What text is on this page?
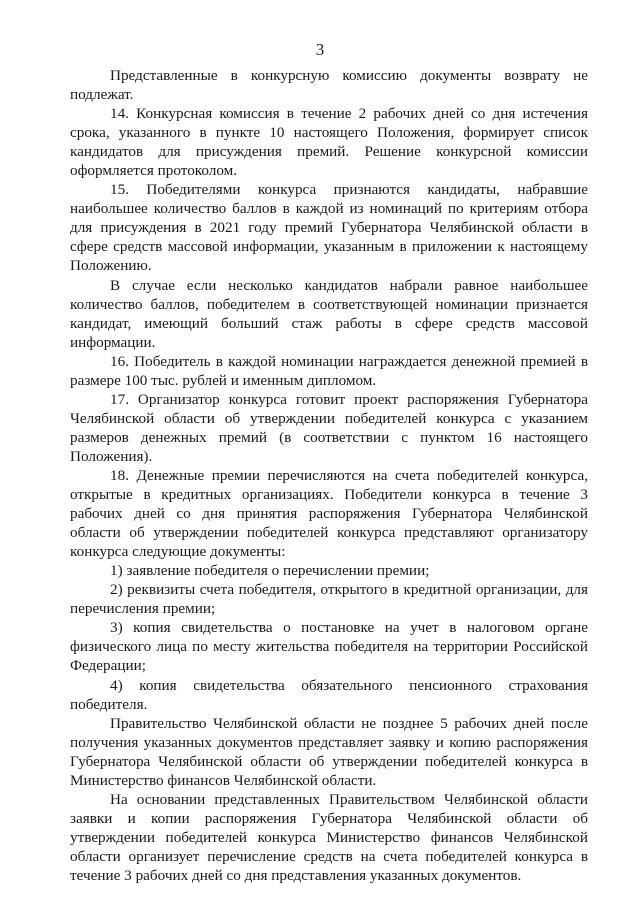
3

Представленные в конкурсную комиссию документы возврату не подлежат.

14. Конкурсная комиссия в течение 2 рабочих дней со дня истечения срока, указанного в пункте 10 настоящего Положения, формирует список кандидатов для присуждения премий. Решение конкурсной комиссии оформляется протоколом.

15. Победителями конкурса признаются кандидаты, набравшие наибольшее количество баллов в каждой из номинаций по критериям отбора для присуждения в 2021 году премий Губернатора Челябинской области в сфере средств массовой информации, указанным в приложении к настоящему Положению.

В случае если несколько кандидатов набрали равное наибольшее количество баллов, победителем в соответствующей номинации признается кандидат, имеющий больший стаж работы в сфере средств массовой информации.

16. Победитель в каждой номинации награждается денежной премией в размере 100 тыс. рублей и именным дипломом.

17. Организатор конкурса готовит проект распоряжения Губернатора Челябинской области об утверждении победителей конкурса с указанием размеров денежных премий (в соответствии с пунктом 16 настоящего Положения).

18. Денежные премии перечисляются на счета победителей конкурса, открытые в кредитных организациях. Победители конкурса в течение 3 рабочих дней со дня принятия распоряжения Губернатора Челябинской области об утверждении победителей конкурса представляют организатору конкурса следующие документы:

1) заявление победителя о перечислении премии;

2) реквизиты счета победителя, открытого в кредитной организации, для перечисления премии;

3) копия свидетельства о постановке на учет в налоговом органе физического лица по месту жительства победителя на территории Российской Федерации;

4) копия свидетельства обязательного пенсионного страхования победителя.

Правительство Челябинской области не позднее 5 рабочих дней после получения указанных документов представляет заявку и копию распоряжения Губернатора Челябинской области об утверждении победителей конкурса в Министерство финансов Челябинской области.

На основании представленных Правительством Челябинской области заявки и копии распоряжения Губернатора Челябинской области об утверждении победителей конкурса Министерство финансов Челябинской области организует перечисление средств на счета победителей конкурса в течение 3 рабочих дней со дня представления указанных документов.
